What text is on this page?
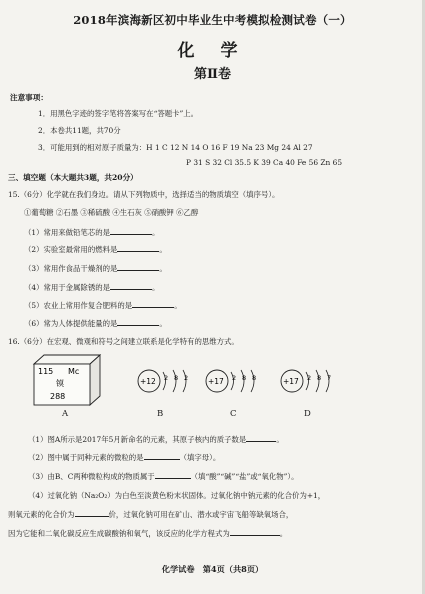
2018年滨海新区初中毕业生中考模拟检测试卷（一）
化 学
第Ⅱ卷
注意事项：
1．用黑色字迹的签字笔将答案写在“答题卡”上。
2．本卷共11题，共70分
3．可能用到的相对原子质量为：H 1 C 12 N 14 O 16 F 19 Na 23 Mg 24 Al 27
P 31 S 32 Cl 35.5 K 39 Ca 40 Fe 56 Zn 65
三、填空题（本大题共3题，共20分）
15.（6分）化学就在我们身边。请从下列物质中，选择适当的物质填空（填序号）。
①葡萄糖 ②石墨 ③稀硫酸 ④生石灰 ⑤硝酸钾 ⑥乙醇
（1）常用来做铅笔芯的是	。
（2）实验室最常用的燃料是	。
（3）常用作食品干燥剂的是	。
（4）常用于金属除锈的是	。
（5）农业上常用作复合肥料的是	。
（6）常为人体提供能量的是	。
16.（6分）在宏观、微观和符号之间建立联系是化学特有的思维方式。
115 Mc
镆
288
+12 2 8 2	+17 2 8 8	+17 2 8 7
A	B	C	D
（1）图A所示是2017年5月新命名的元素，其原子核内的质子数是	。
（2）图中属于同种元素的微粒的是	（填字母）。
（3）由B、C两种微粒构成的物质属于	（填“酸”“碱”“盐”或“氧化物”）。
（4）过氧化钠（Na₂O₂）为白色至淡黄色粉末状固体。过氧化钠中钠元素的化合价为+1，
则氧元素的化合价为	价，过氧化钠可用在矿山、潜水或宇宙飞船等缺氧场合，
因为它能和二氧化碳反应生成碳酸钠和氧气，该反应的化学方程式为	。
化学试卷　第4页（共8页）
